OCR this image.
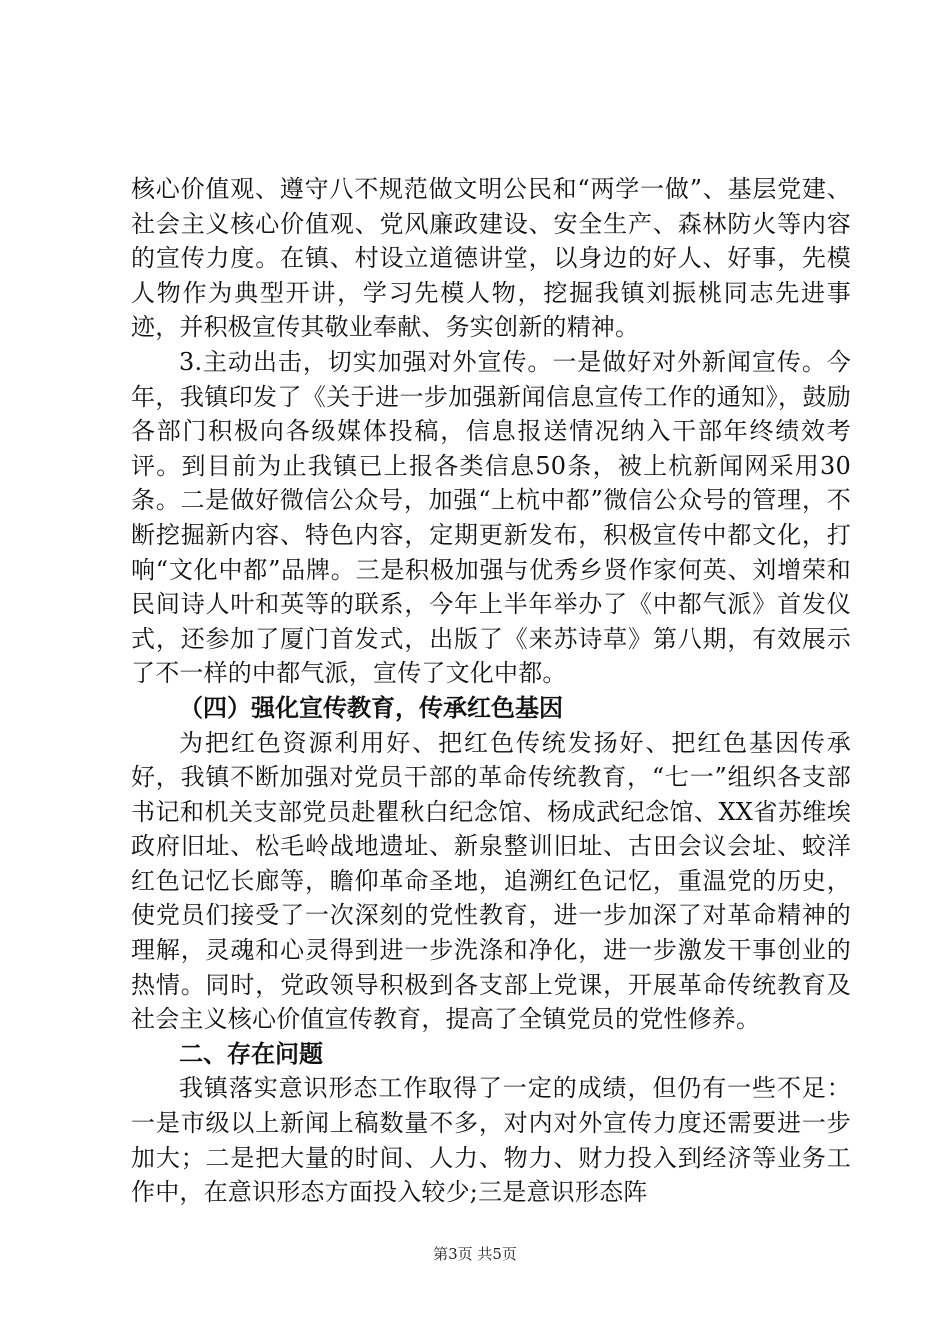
核心价值观、遵守八不规范做文明公民和“两学一做”、基层党建、社会主义核心价值观、党风廉政建设、安全生产、森林防火等内容的宣传力度。在镇、村设立道德讲堂，以身边的好人、好事，先模人物作为典型开讲，学习先模人物，挖掘我镇刘振桃同志先进事迹，并积极宣传其敬业奉献、务实创新的精神。

3.主动出击，切实加强对外宣传。一是做好对外新闻宣传。今年，我镇印发了《关于进一步加强新闻信息宣传工作的通知》，鼓励各部门积极向各级媒体投稿，信息报送情况纳入干部年终绩效考评。到目前为止我镇已上报各类信息50条，被上杭新闻网采用30条。二是做好微信公众号，加强“上杭中都”微信公众号的管理，不断挖掘新内容、特色内容，定期更新发布，积极宣传中都文化，打响“文化中都”品牌。三是积极加强与优秀乡贤作家何英、刘增荣和民间诗人叶和英等的联系，今年上半年举办了《中都气派》首发仪式，还参加了厦门首发式，出版了《来苏诗草》第八期，有效展示了不一样的中都气派，宣传了文化中都。

（四）强化宣传教育，传承红色基因

为把红色资源利用好、把红色传统发扬好、把红色基因传承好，我镇不断加强对党员干部的革命传统教育，“七一”组织各支部书记和机关支部党员赴瞿秋白纪念馆、杨成武纪念馆、XX省苏维埃政府旧址、松毛岭战地遗址、新泉整训旧址、古田会议会址、蛟洋红色记忆长廊等，瞻仰革命圣地，追溯红色记忆，重温党的历史，使党员们接受了一次深刻的党性教育，进一步加深了对革命精神的理解，灵魂和心灵得到进一步洗涤和净化，进一步激发干事创业的热情。同时，党政领导积极到各支部上党课，开展革命传统教育及社会主义核心价值宣传教育，提高了全镇党员的党性修养。

二、存在问题

我镇落实意识形态工作取得了一定的成绩，但仍有一些不足：一是市级以上新闻上稿数量不多，对内对外宣传力度还需要进一步加大；二是把大量的时间、人力、物力、财力投入到经济等业务工作中，在意识形态方面投入较少;三是意识形态阵

第3页 共5页
